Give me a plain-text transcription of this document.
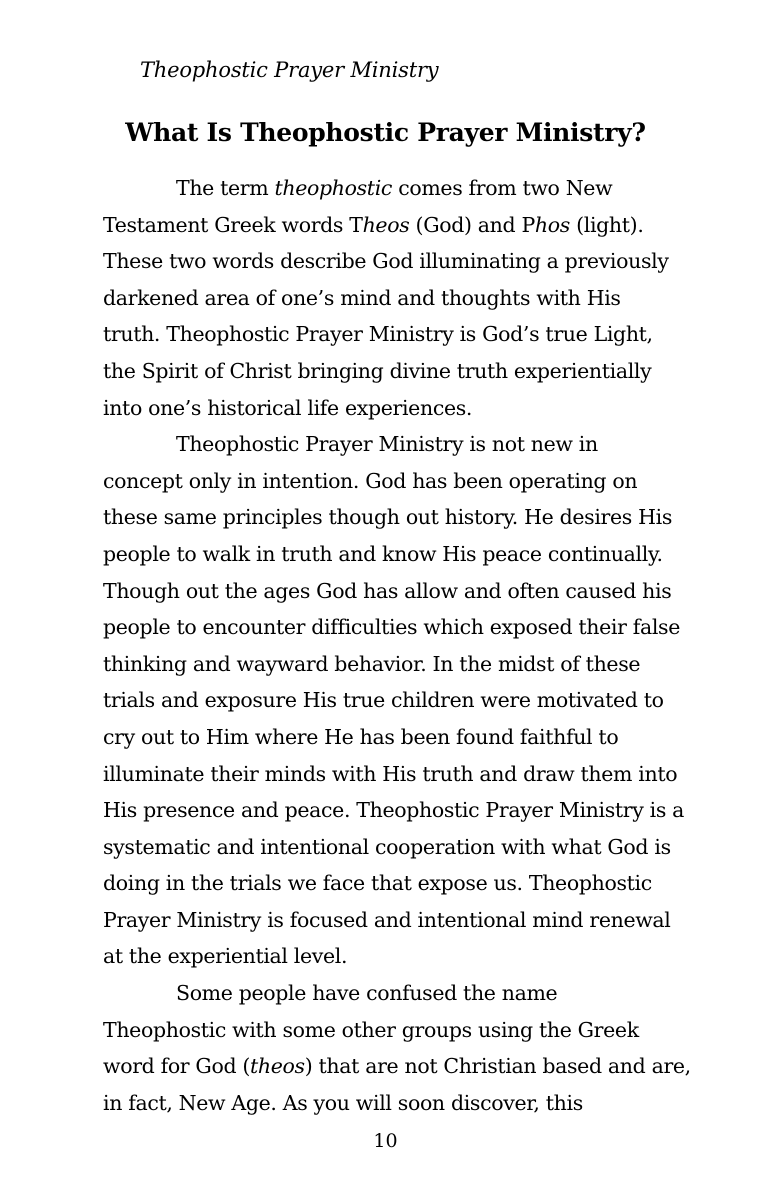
Theophostic Prayer Ministry
What Is Theophostic Prayer Ministry?
The term theophostic comes from two New
Testament Greek words Theos (God) and Phos (light).
These two words describe God illuminating a previously
darkened area of one’s mind and thoughts with His
truth. Theophostic Prayer Ministry is God’s true Light,
the Spirit of Christ bringing divine truth experientially
into one’s historical life experiences.
Theophostic Prayer Ministry is not new in
concept only in intention. God has been operating on
these same principles though out history. He desires His
people to walk in truth and know His peace continually.
Though out the ages God has allow and often caused his
people to encounter difficulties which exposed their false
thinking and wayward behavior. In the midst of these
trials and exposure His true children were motivated to
cry out to Him where He has been found faithful to
illuminate their minds with His truth and draw them into
His presence and peace. Theophostic Prayer Ministry is a
systematic and intentional cooperation with what God is
doing in the trials we face that expose us. Theophostic
Prayer Ministry is focused and intentional mind renewal
at the experiential level.
Some people have confused the name
Theophostic with some other groups using the Greek
word for God (theos) that are not Christian based and are,
in fact, New Age. As you will soon discover, this
10
